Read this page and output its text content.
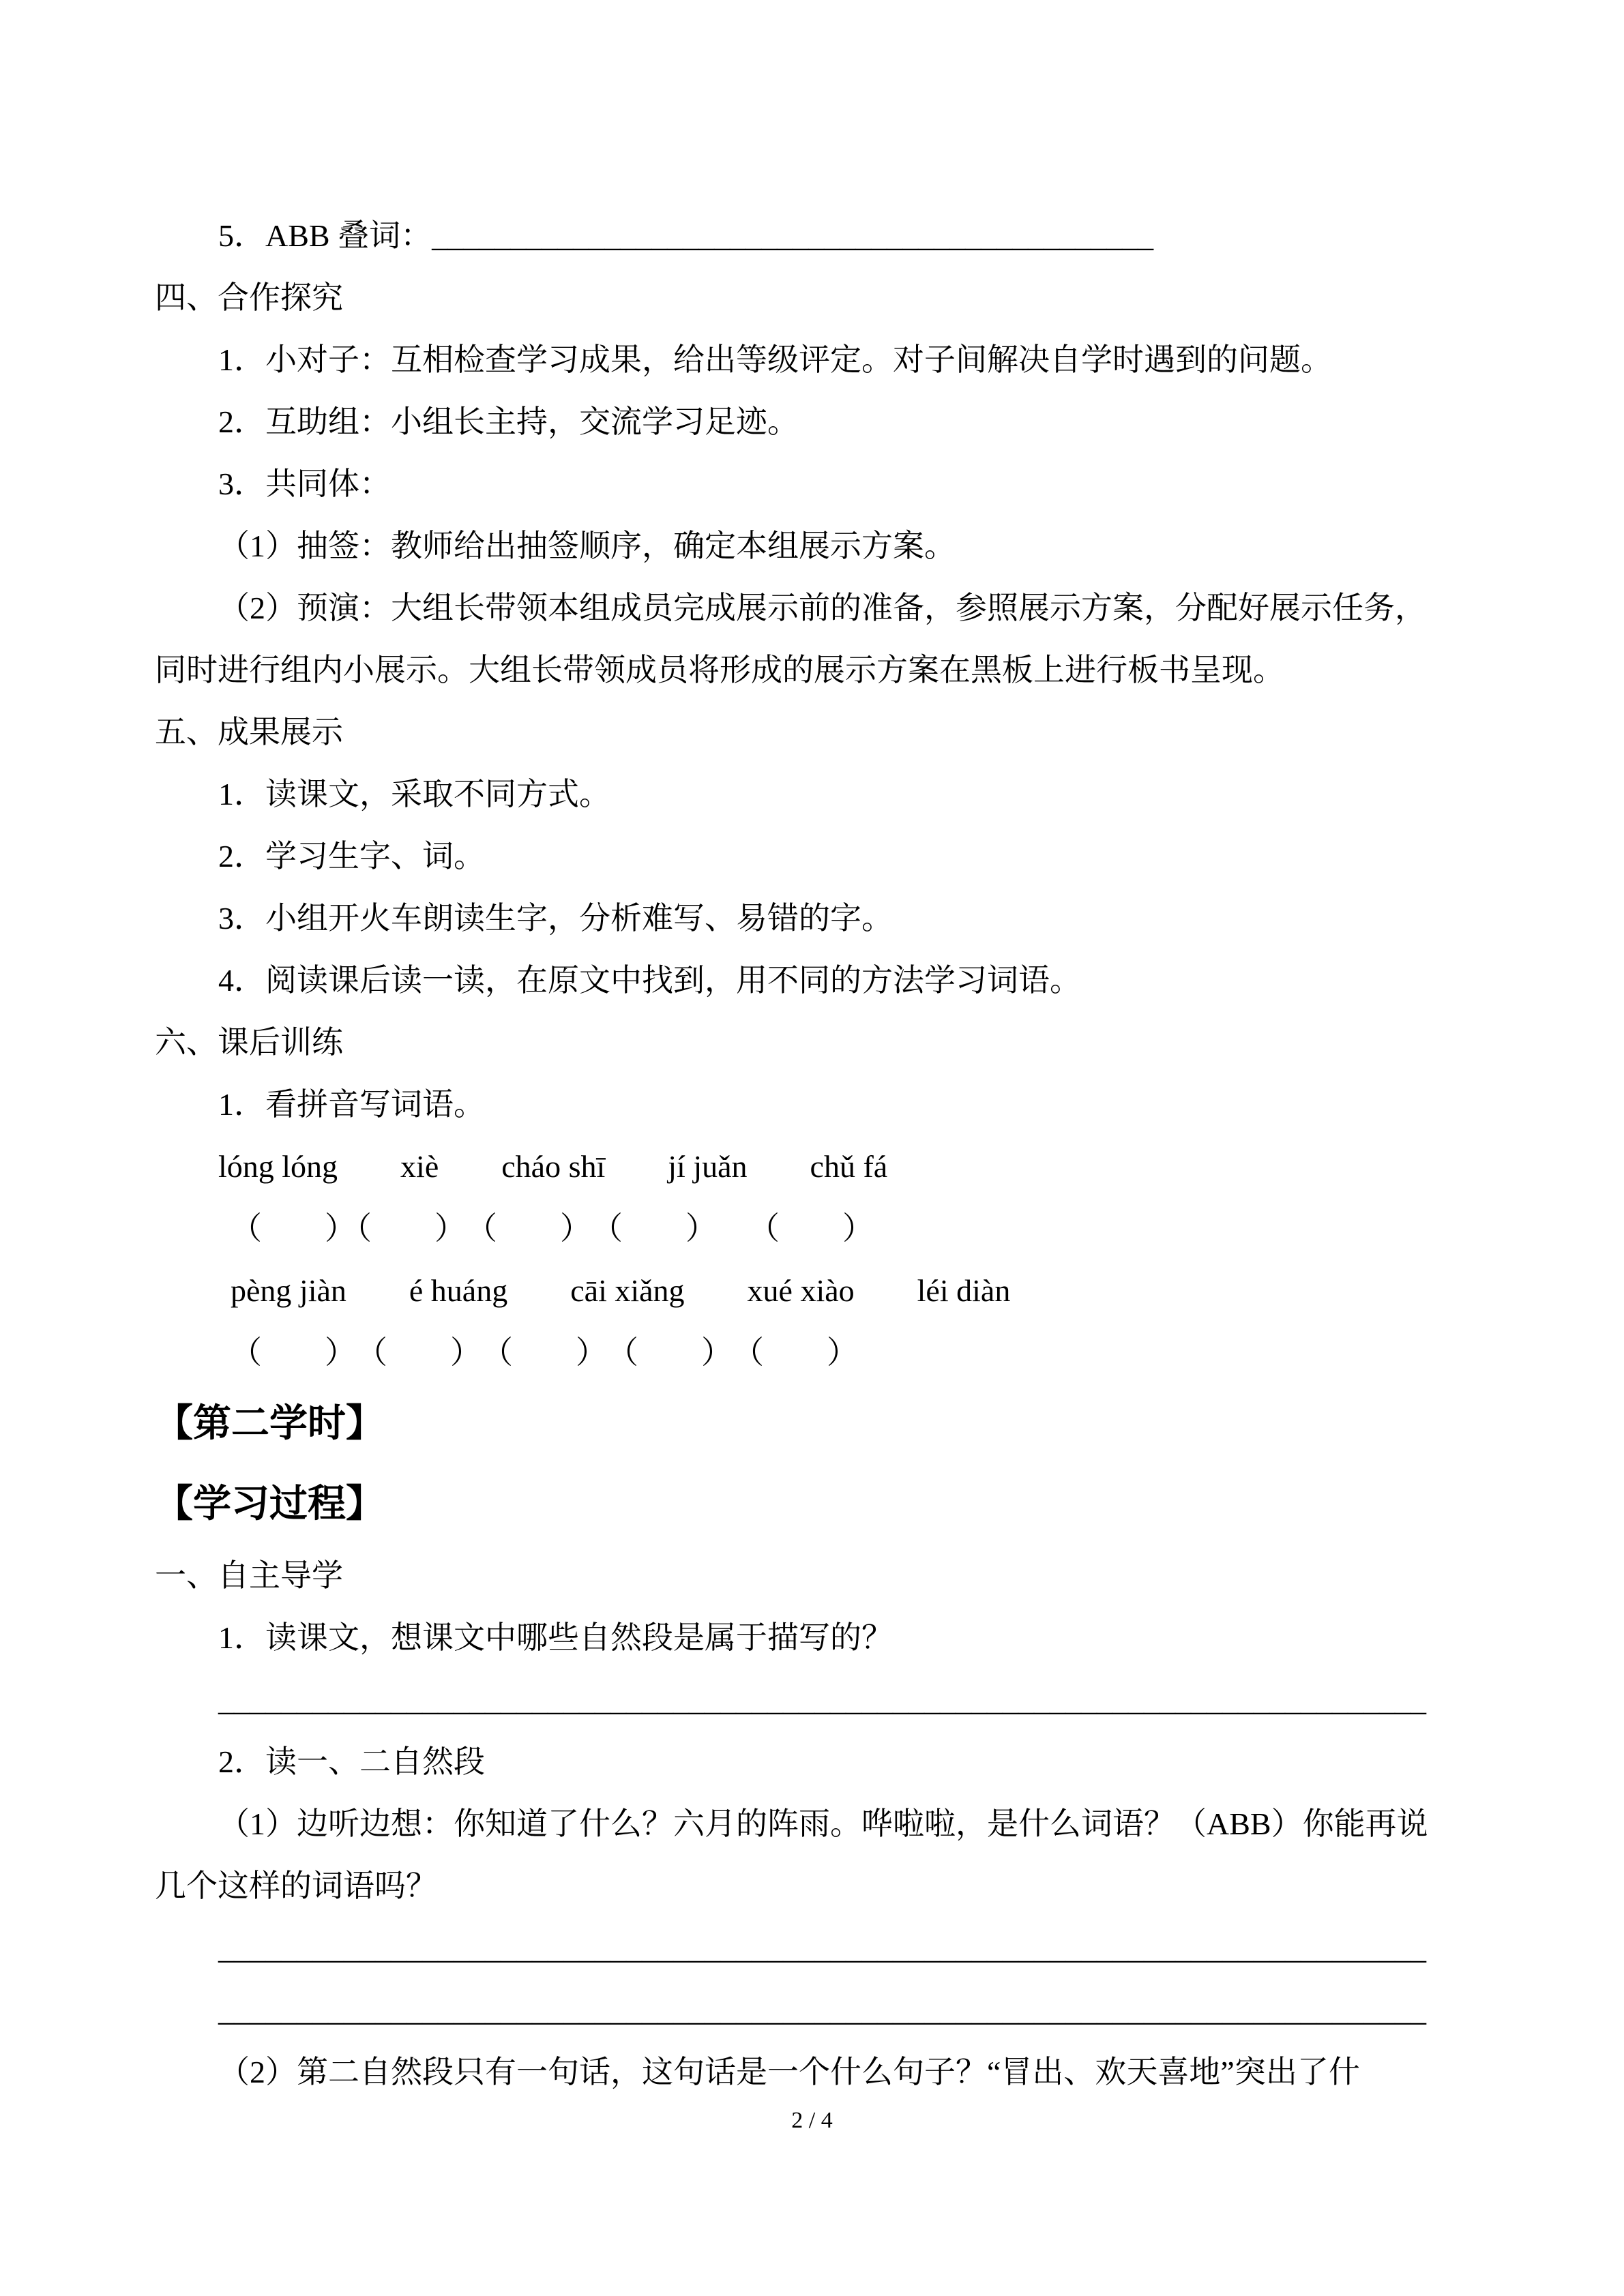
5．ABB 叠词：______________________________________________
四、合作探究
1．小对子：互相检查学习成果，给出等级评定。对子间解决自学时遇到的问题。
2．互助组：小组长主持，交流学习足迹。
3．共同体：
（1）抽签：教师给出抽签顺序，确定本组展示方案。
（2）预演：大组长带领本组成员完成展示前的准备，参照展示方案，分配好展示任务，
同时进行组内小展示。大组长带领成员将形成的展示方案在黑板上进行板书呈现。
五、成果展示
1．读课文，采取不同方式。
2．学习生字、词。
3．小组开火车朗读生字，分析难写、易错的字。
4．阅读课后读一读，在原文中找到，用不同的方法学习词语。
六、课后训练
1．看拼音写词语。
lóng lóng　　xiè　　cháo shī　　jí juǎn　　chǔ fá
（　　）（　　）　（　　）　（　　）　　（　　）
pèng jiàn　　é huáng　　cāi xiǎng　　xué xiào　　léi diàn
（　　）　（　　）　（　　）　（　　）　（　　）
【第二学时】
【学习过程】
一、自主导学
1．读课文，想课文中哪些自然段是属于描写的？
_____________________________________________________________________________
2．读一、二自然段
（1）边听边想：你知道了什么？六月的阵雨。哗啦啦，是什么词语？（ABB）你能再说
几个这样的词语吗？
_____________________________________________________________________________
_____________________________________________________________________________
（2）第二自然段只有一句话，这句话是一个什么句子？“冒出、欢天喜地”突出了什
2 / 4
